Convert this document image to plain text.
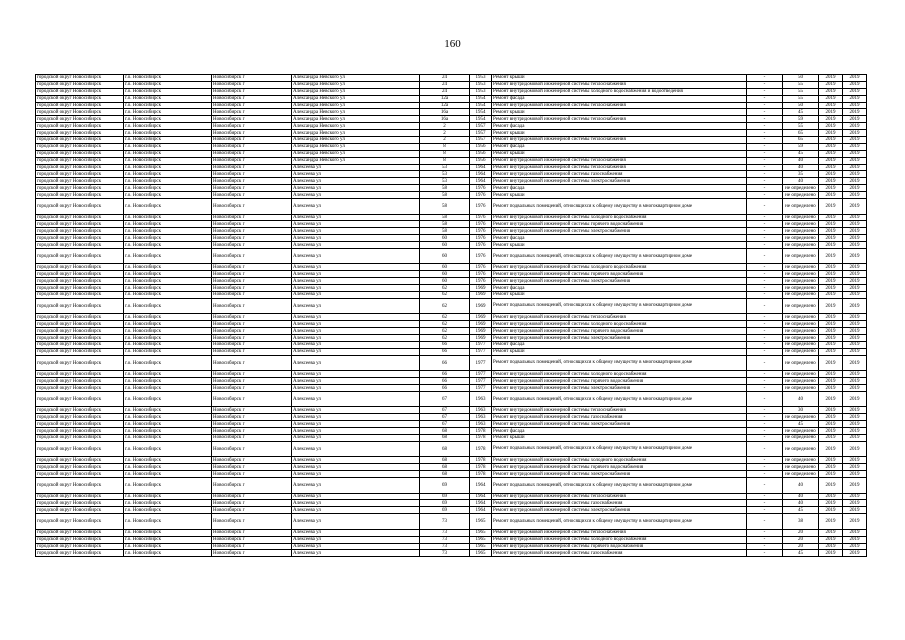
160
городской округ Новосибирск	г.о. Новосибирск	Новосибирск г	Александра Невского ул	24	1953	Ремонт крыши	-	50	2019	2019
городской округ Новосибирск	г.о. Новосибирск	Новосибирск г	Александра Невского ул	24	1953	Ремонт внутридомовой инженерной системы теплоснабжения	-	55	2019	2019
городской округ Новосибирск	г.о. Новосибирск	Новосибирск г	Александра Невского ул	24	1953	Ремонт внутридомовой инженерной системы холодного водоснабжения и водоотведения	-	55	2019	2019
городской округ Новосибирск	г.о. Новосибирск	Новосибирск г	Александра Невского ул	12а	1954	Ремонт фасада	-	55	2019	2019
городской округ Новосибирск	г.о. Новосибирск	Новосибирск г	Александра Невского ул	12а	1954	Ремонт внутридомовой инженерной системы теплоснабжения	-	50	2019	2019
городской округ Новосибирск	г.о. Новосибирск	Новосибирск г	Александра Невского ул	16а	1954	Ремонт крыши	-	45	2019	2019
городской округ Новосибирск	г.о. Новосибирск	Новосибирск г	Александра Невского ул	16а	1954	Ремонт внутридомовой инженерной системы теплоснабжения	-	59	2019	2019
городской округ Новосибирск	г.о. Новосибирск	Новосибирск г	Александра Невского ул	2	1957	Ремонт фасада	-	55	2019	2019
городской округ Новосибирск	г.о. Новосибирск	Новосибирск г	Александра Невского ул	2	1957	Ремонт крыши	-	65	2019	2019
городской округ Новосибирск	г.о. Новосибирск	Новосибирск г	Александра Невского ул	2	1957	Ремонт внутридомовой инженерной системы теплоснабжения	-	65	2019	2019
городской округ Новосибирск	г.о. Новосибирск	Новосибирск г	Александра Невского ул	8	1956	Ремонт фасада	-	59	2019	2019
городской округ Новосибирск	г.о. Новосибирск	Новосибирск г	Александра Невского ул	8	1956	Ремонт крыши	-	45	2019	2019
городской округ Новосибирск	г.о. Новосибирск	Новосибирск г	Александра Невского ул	8	1956	Ремонт внутридомовой инженерной системы теплоснабжения	-	40	2019	2019
городской округ Новосибирск	г.о. Новосибирск	Новосибирск г	Алексеева ул	53	1964	Ремонт внутридомовой инженерной системы теплоснабжения	-	40	2019	2019
городской округ Новосибирск	г.о. Новосибирск	Новосибирск г	Алексеева ул	53	1964	Ремонт внутридомовой инженерной системы газоснабжения	-	35	2019	2019
городской округ Новосибирск	г.о. Новосибирск	Новосибирск г	Алексеева ул	53	1964	Ремонт внутридомовой инженерной системы электроснабжения	-	40	2019	2019
городской округ Новосибирск	г.о. Новосибирск	Новосибирск г	Алексеева ул	58	1976	Ремонт фасада	-	не определено	2019	2019
городской округ Новосибирск	г.о. Новосибирск	Новосибирск г	Алексеева ул	58	1976	Ремонт крыши	-	не определено	2019	2019
городской округ Новосибирск	г.о. Новосибирск	Новосибирск г	Алексеева ул	58	1976	Ремонт подвальных помещений, относящихся к общему имуществу в многоквартирном доме	-	не определено	2019	2019
городской округ Новосибирск	г.о. Новосибирск	Новосибирск г	Алексеева ул	58	1976	Ремонт внутридомовой инженерной системы холодного водоснабжения	-	не определено	2019	2019
городской округ Новосибирск	г.о. Новосибирск	Новосибирск г	Алексеева ул	58	1976	Ремонт внутридомовой инженерной системы горячего водоснабжения	-	не определено	2019	2019
городской округ Новосибирск	г.о. Новосибирск	Новосибирск г	Алексеева ул	58	1976	Ремонт внутридомовой инженерной системы электроснабжения	-	не определено	2019	2019
городской округ Новосибирск	г.о. Новосибирск	Новосибирск г	Алексеева ул	60	1976	Ремонт фасада	-	не определено	2019	2019
городской округ Новосибирск	г.о. Новосибирск	Новосибирск г	Алексеева ул	60	1976	Ремонт крыши	-	не определено	2019	2019
городской округ Новосибирск	г.о. Новосибирск	Новосибирск г	Алексеева ул	60	1976	Ремонт подвальных помещений, относящихся к общему имуществу в многоквартирном доме	-	не определено	2019	2019
городской округ Новосибирск	г.о. Новосибирск	Новосибирск г	Алексеева ул	60	1976	Ремонт внутридомовой инженерной системы холодного водоснабжения	-	не определено	2019	2019
городской округ Новосибирск	г.о. Новосибирск	Новосибирск г	Алексеева ул	60	1976	Ремонт внутридомовой инженерной системы горячего водоснабжения	-	не определено	2019	2019
городской округ Новосибирск	г.о. Новосибирск	Новосибирск г	Алексеева ул	60	1976	Ремонт внутридомовой инженерной системы электроснабжения	-	не определено	2019	2019
городской округ Новосибирск	г.о. Новосибирск	Новосибирск г	Алексеева ул	62	1969	Ремонт фасада	-	не определено	2019	2019
городской округ Новосибирск	г.о. Новосибирск	Новосибирск г	Алексеева ул	62	1969	Ремонт крыши	-	не определено	2019	2019
городской округ Новосибирск	г.о. Новосибирск	Новосибирск г	Алексеева ул	62	1969	Ремонт подвальных помещений, относящихся к общему имуществу в многоквартирном доме	-	не определено	2019	2019
городской округ Новосибирск	г.о. Новосибирск	Новосибирск г	Алексеева ул	62	1969	Ремонт внутридомовой инженерной системы теплоснабжения	-	не определено	2019	2019
городской округ Новосибирск	г.о. Новосибирск	Новосибирск г	Алексеева ул	62	1969	Ремонт внутридомовой инженерной системы холодного водоснабжения	-	не определено	2019	2019
городской округ Новосибирск	г.о. Новосибирск	Новосибирск г	Алексеева ул	62	1969	Ремонт внутридомовой инженерной системы горячего водоснабжения	-	не определено	2019	2019
городской округ Новосибирск	г.о. Новосибирск	Новосибирск г	Алексеева ул	62	1969	Ремонт внутридомовой инженерной системы электроснабжения	-	не определено	2019	2019
городской округ Новосибирск	г.о. Новосибирск	Новосибирск г	Алексеева ул	66	1977	Ремонт фасада	-	не определено	2019	2019
городской округ Новосибирск	г.о. Новосибирск	Новосибирск г	Алексеева ул	66	1977	Ремонт крыши	-	не определено	2019	2019
городской округ Новосибирск	г.о. Новосибирск	Новосибирск г	Алексеева ул	66	1977	Ремонт подвальных помещений, относящихся к общему имуществу в многоквартирном доме	-	не определено	2019	2019
городской округ Новосибирск	г.о. Новосибирск	Новосибирск г	Алексеева ул	66	1977	Ремонт внутридомовой инженерной системы холодного водоснабжения	-	не определено	2019	2019
городской округ Новосибирск	г.о. Новосибирск	Новосибирск г	Алексеева ул	66	1977	Ремонт внутридомовой инженерной системы горячего водоснабжения	-	не определено	2019	2019
городской округ Новосибирск	г.о. Новосибирск	Новосибирск г	Алексеева ул	66	1977	Ремонт внутридомовой инженерной системы электроснабжения	-	не определено	2019	2019
городской округ Новосибирск	г.о. Новосибирск	Новосибирск г	Алексеева ул	67	1963	Ремонт подвальных помещений, относящихся к общему имуществу в многоквартирном доме	-	40	2019	2019
городской округ Новосибирск	г.о. Новосибирск	Новосибирск г	Алексеева ул	67	1963	Ремонт внутридомовой инженерной системы теплоснабжения	-	30	2019	2019
городской округ Новосибирск	г.о. Новосибирск	Новосибирск г	Алексеева ул	67	1963	Ремонт внутридомовой инженерной системы газоснабжения	-	не определено	2019	2019
городской округ Новосибирск	г.о. Новосибирск	Новосибирск г	Алексеева ул	67	1963	Ремонт внутридомовой инженерной системы электроснабжения	-	45	2019	2019
городской округ Новосибирск	г.о. Новосибирск	Новосибирск г	Алексеева ул	68	1978	Ремонт фасада	-	не определено	2019	2019
городской округ Новосибирск	г.о. Новосибирск	Новосибирск г	Алексеева ул	68	1978	Ремонт крыши	-	не определено	2019	2019
городской округ Новосибирск	г.о. Новосибирск	Новосибирск г	Алексеева ул	68	1978	Ремонт подвальных помещений, относящихся к общему имуществу в многоквартирном доме	-	не определено	2019	2019
городской округ Новосибирск	г.о. Новосибирск	Новосибирск г	Алексеева ул	68	1978	Ремонт внутридомовой инженерной системы холодного водоснабжения	-	не определено	2019	2019
городской округ Новосибирск	г.о. Новосибирск	Новосибирск г	Алексеева ул	68	1978	Ремонт внутридомовой инженерной системы горячего водоснабжения	-	не определено	2019	2019
городской округ Новосибирск	г.о. Новосибирск	Новосибирск г	Алексеева ул	68	1978	Ремонт внутридомовой инженерной системы электроснабжения	-	не определено	2019	2019
городской округ Новосибирск	г.о. Новосибирск	Новосибирск г	Алексеева ул	69	1964	Ремонт подвальных помещений, относящихся к общему имуществу в многоквартирном доме	-	40	2019	2019
городской округ Новосибирск	г.о. Новосибирск	Новосибирск г	Алексеева ул	69	1964	Ремонт внутридомовой инженерной системы теплоснабжения	-	40	2019	2019
городской округ Новосибирск	г.о. Новосибирск	Новосибирск г	Алексеева ул	69	1964	Ремонт внутридомовой инженерной системы газоснабжения	-	40	2019	2019
городской округ Новосибирск	г.о. Новосибирск	Новосибирск г	Алексеева ул	69	1964	Ремонт внутридомовой инженерной системы электроснабжения	-	45	2019	2019
городской округ Новосибирск	г.о. Новосибирск	Новосибирск г	Алексеева ул	73	1965	Ремонт подвальных помещений, относящихся к общему имуществу в многоквартирном доме	-	38	2019	2019
городской округ Новосибирск	г.о. Новосибирск	Новосибирск г	Алексеева ул	73	1965	Ремонт внутридомовой инженерной системы теплоснабжения	-	20	2019	2019
городской округ Новосибирск	г.о. Новосибирск	Новосибирск г	Алексеева ул	73	1965	Ремонт внутридомовой инженерной системы холодного водоснабжения	-	20	2019	2019
городской округ Новосибирск	г.о. Новосибирск	Новосибирск г	Алексеева ул	73	1965	Ремонт внутридомовой инженерной системы горячего водоснабжения	-	20	2019	2019
городской округ Новосибирск	г.о. Новосибирск	Новосибирск г	Алексеева ул	73	1965	Ремонт внутридомовой инженерной системы газоснабжения	-	45	2019	2019
